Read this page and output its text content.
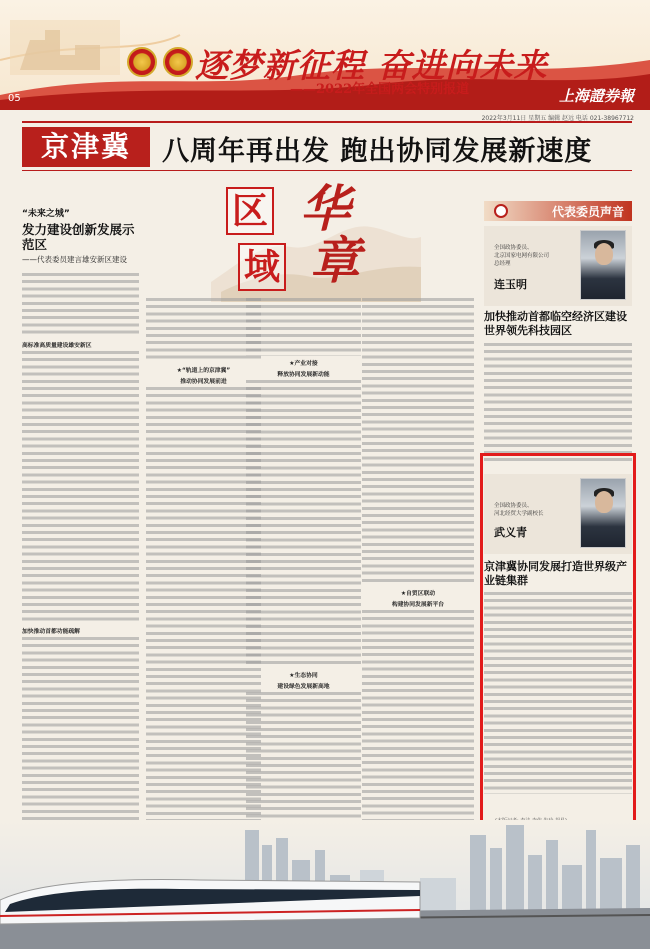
逐梦新征程 奋进向未来
——2022年全国两会特别报道
05	上海證券報
2022年3月11日 星期五 编辑 赵远 电话 021-38967712
京津冀	八周年再出发 跑出协同发展新速度
“未来之城”
发力建设创新发展示范区
——代表委员建言雄安新区建设
高标准高质量建设雄安新区
加快推动首都功能疏解
区
域
华
章
★“轨道上的京津冀”
推动协同发展前进
★产业对接
释放协同发展新动能
★生态协同
建设绿色发展新高地
★自贸区联动
构建协同发展新平台
代表委员声音
全国政协委员、
北京国家电网有限公司
总经理
连玉明
加快推动首都临空经济区建设世界领先科技园区
全国政协委员、
河北经贸大学副校长
武义青
京津冀协同发展打造世界级产业链集群
